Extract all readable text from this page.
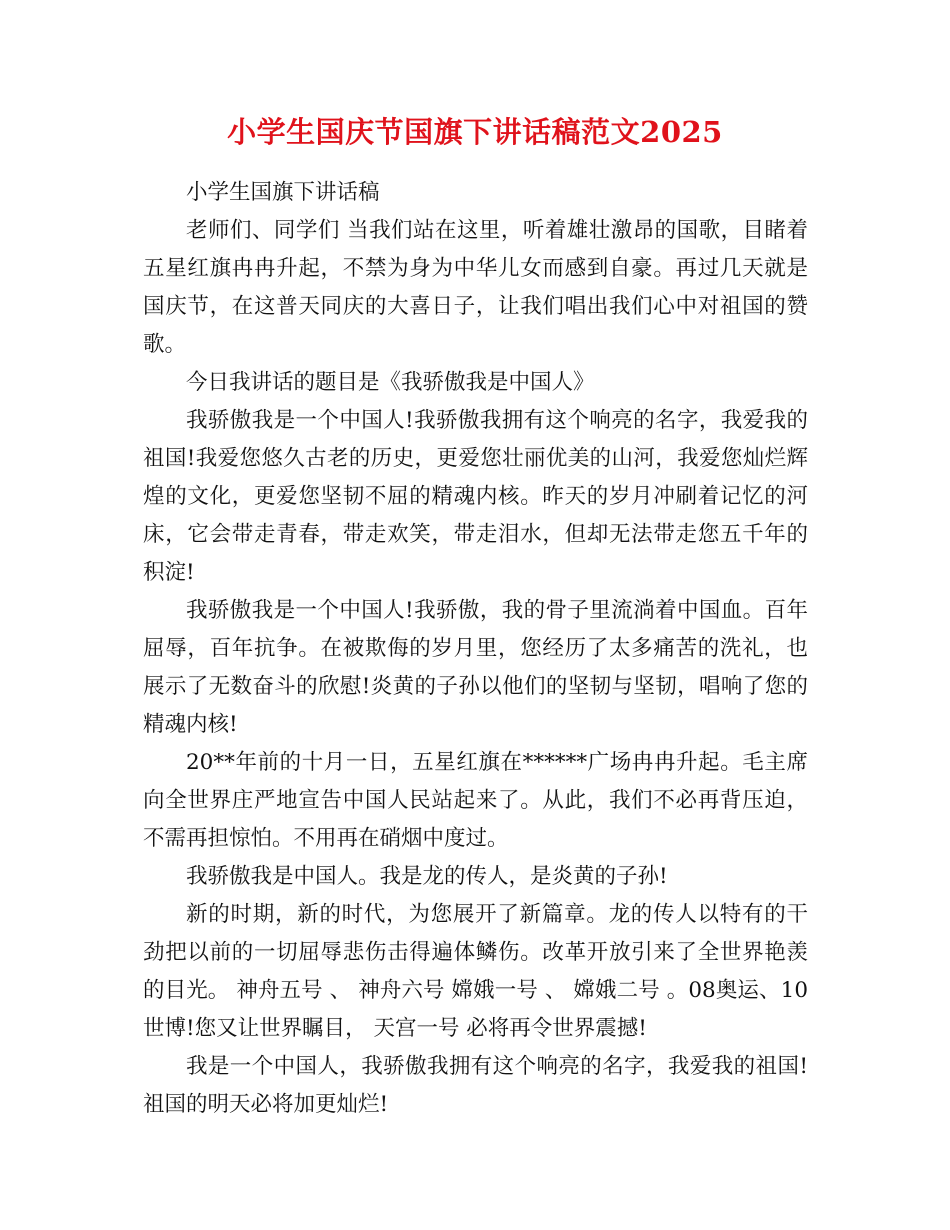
小学生国庆节国旗下讲话稿范文2025

小学生国旗下讲话稿

老师们、同学们 当我们站在这里，听着雄壮激昂的国歌，目睹着五星红旗冉冉升起，不禁为身为中华儿女而感到自豪。再过几天就是国庆节，在这普天同庆的大喜日子，让我们唱出我们心中对祖国的赞歌。

今日我讲话的题目是《我骄傲我是中国人》

我骄傲我是一个中国人!我骄傲我拥有这个响亮的名字，我爱我的祖国!我爱您悠久古老的历史，更爱您壮丽优美的山河，我爱您灿烂辉煌的文化，更爱您坚韧不屈的精魂内核。昨天的岁月冲刷着记忆的河床，它会带走青春，带走欢笑，带走泪水，但却无法带走您五千年的积淀!

我骄傲我是一个中国人!我骄傲，我的骨子里流淌着中国血。百年屈辱，百年抗争。在被欺侮的岁月里，您经历了太多痛苦的洗礼，也展示了无数奋斗的欣慰!炎黄的子孙以他们的坚韧与坚韧，唱响了您的精魂内核!

20**年前的十月一日，五星红旗在******广场冉冉升起。毛主席向全世界庄严地宣告中国人民站起来了。从此，我们不必再背压迫，不需再担惊怕。不用再在硝烟中度过。

我骄傲我是中国人。我是龙的传人，是炎黄的子孙!

新的时期，新的时代，为您展开了新篇章。龙的传人以特有的干劲把以前的一切屈辱悲伤击得遍体鳞伤。改革开放引来了全世界艳羡的目光。 神舟五号 、 神舟六号 嫦娥一号 、 嫦娥二号 。08奥运、10世博!您又让世界瞩目， 天宫一号 必将再令世界震撼!

我是一个中国人，我骄傲我拥有这个响亮的名字，我爱我的祖国!祖国的明天必将加更灿烂!
